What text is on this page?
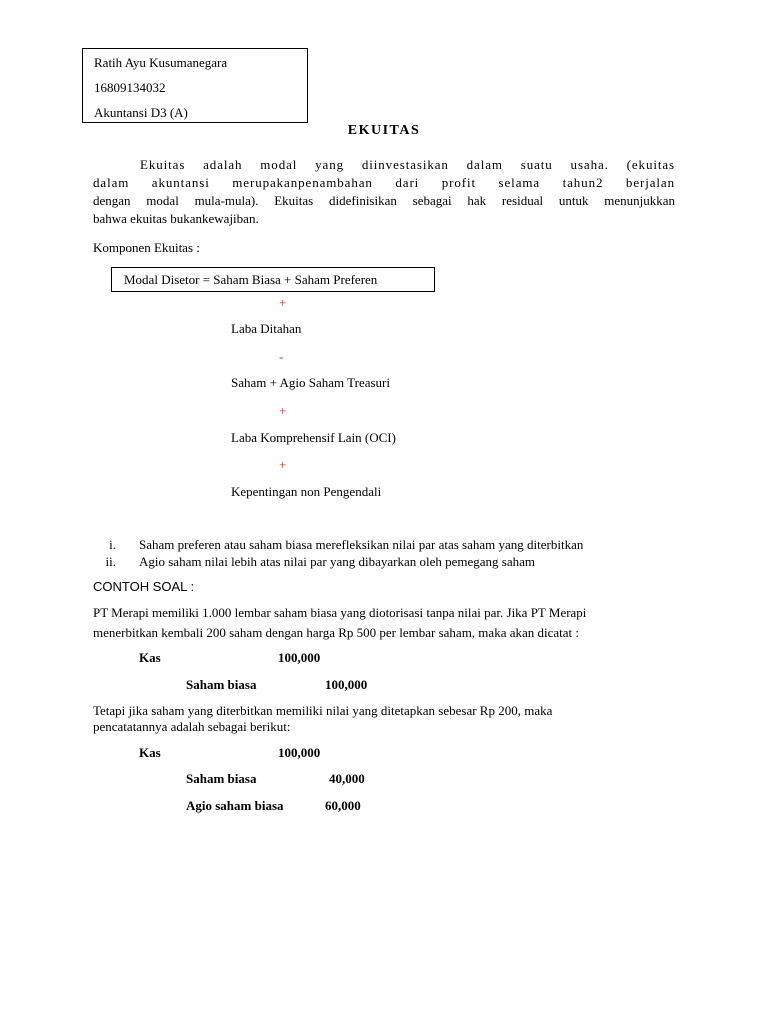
Ratih Ayu Kusumanegara
16809134032
Akuntansi D3 (A)
EKUITAS
Ekuitas adalah modal yang diinvestasikan dalam suatu usaha. (ekuitas
dalam akuntansi merupakanpenambahan dari profit selama tahun2 berjalan
dengan modal mula-mula). Ekuitas didefinisikan sebagai hak residual untuk menunjukkan
bahwa ekuitas bukankewajiban.
Komponen Ekuitas :
Modal Disetor = Saham Biasa + Saham Preferen
+
Laba Ditahan
-
Saham + Agio Saham Treasuri
+
Laba Komprehensif Lain (OCI)
+
Kepentingan non Pengendali
i. Saham preferen atau saham biasa merefleksikan nilai par atas saham yang diterbitkan
ii. Agio saham nilai lebih atas nilai par yang dibayarkan oleh pemegang saham
CONTOH SOAL :
PT Merapi memiliki 1.000 lembar saham biasa yang diotorisasi tanpa nilai par. Jika PT Merapi
menerbitkan kembali 200 saham dengan harga Rp 500 per lembar saham, maka akan dicatat :
Kas	100,000
Saham biasa	100,000
Tetapi jika saham yang diterbitkan memiliki nilai yang ditetapkan sebesar Rp 200, maka
pencatatannya adalah sebagai berikut:
Kas	100,000
Saham biasa	40,000
Agio saham biasa	60,000
